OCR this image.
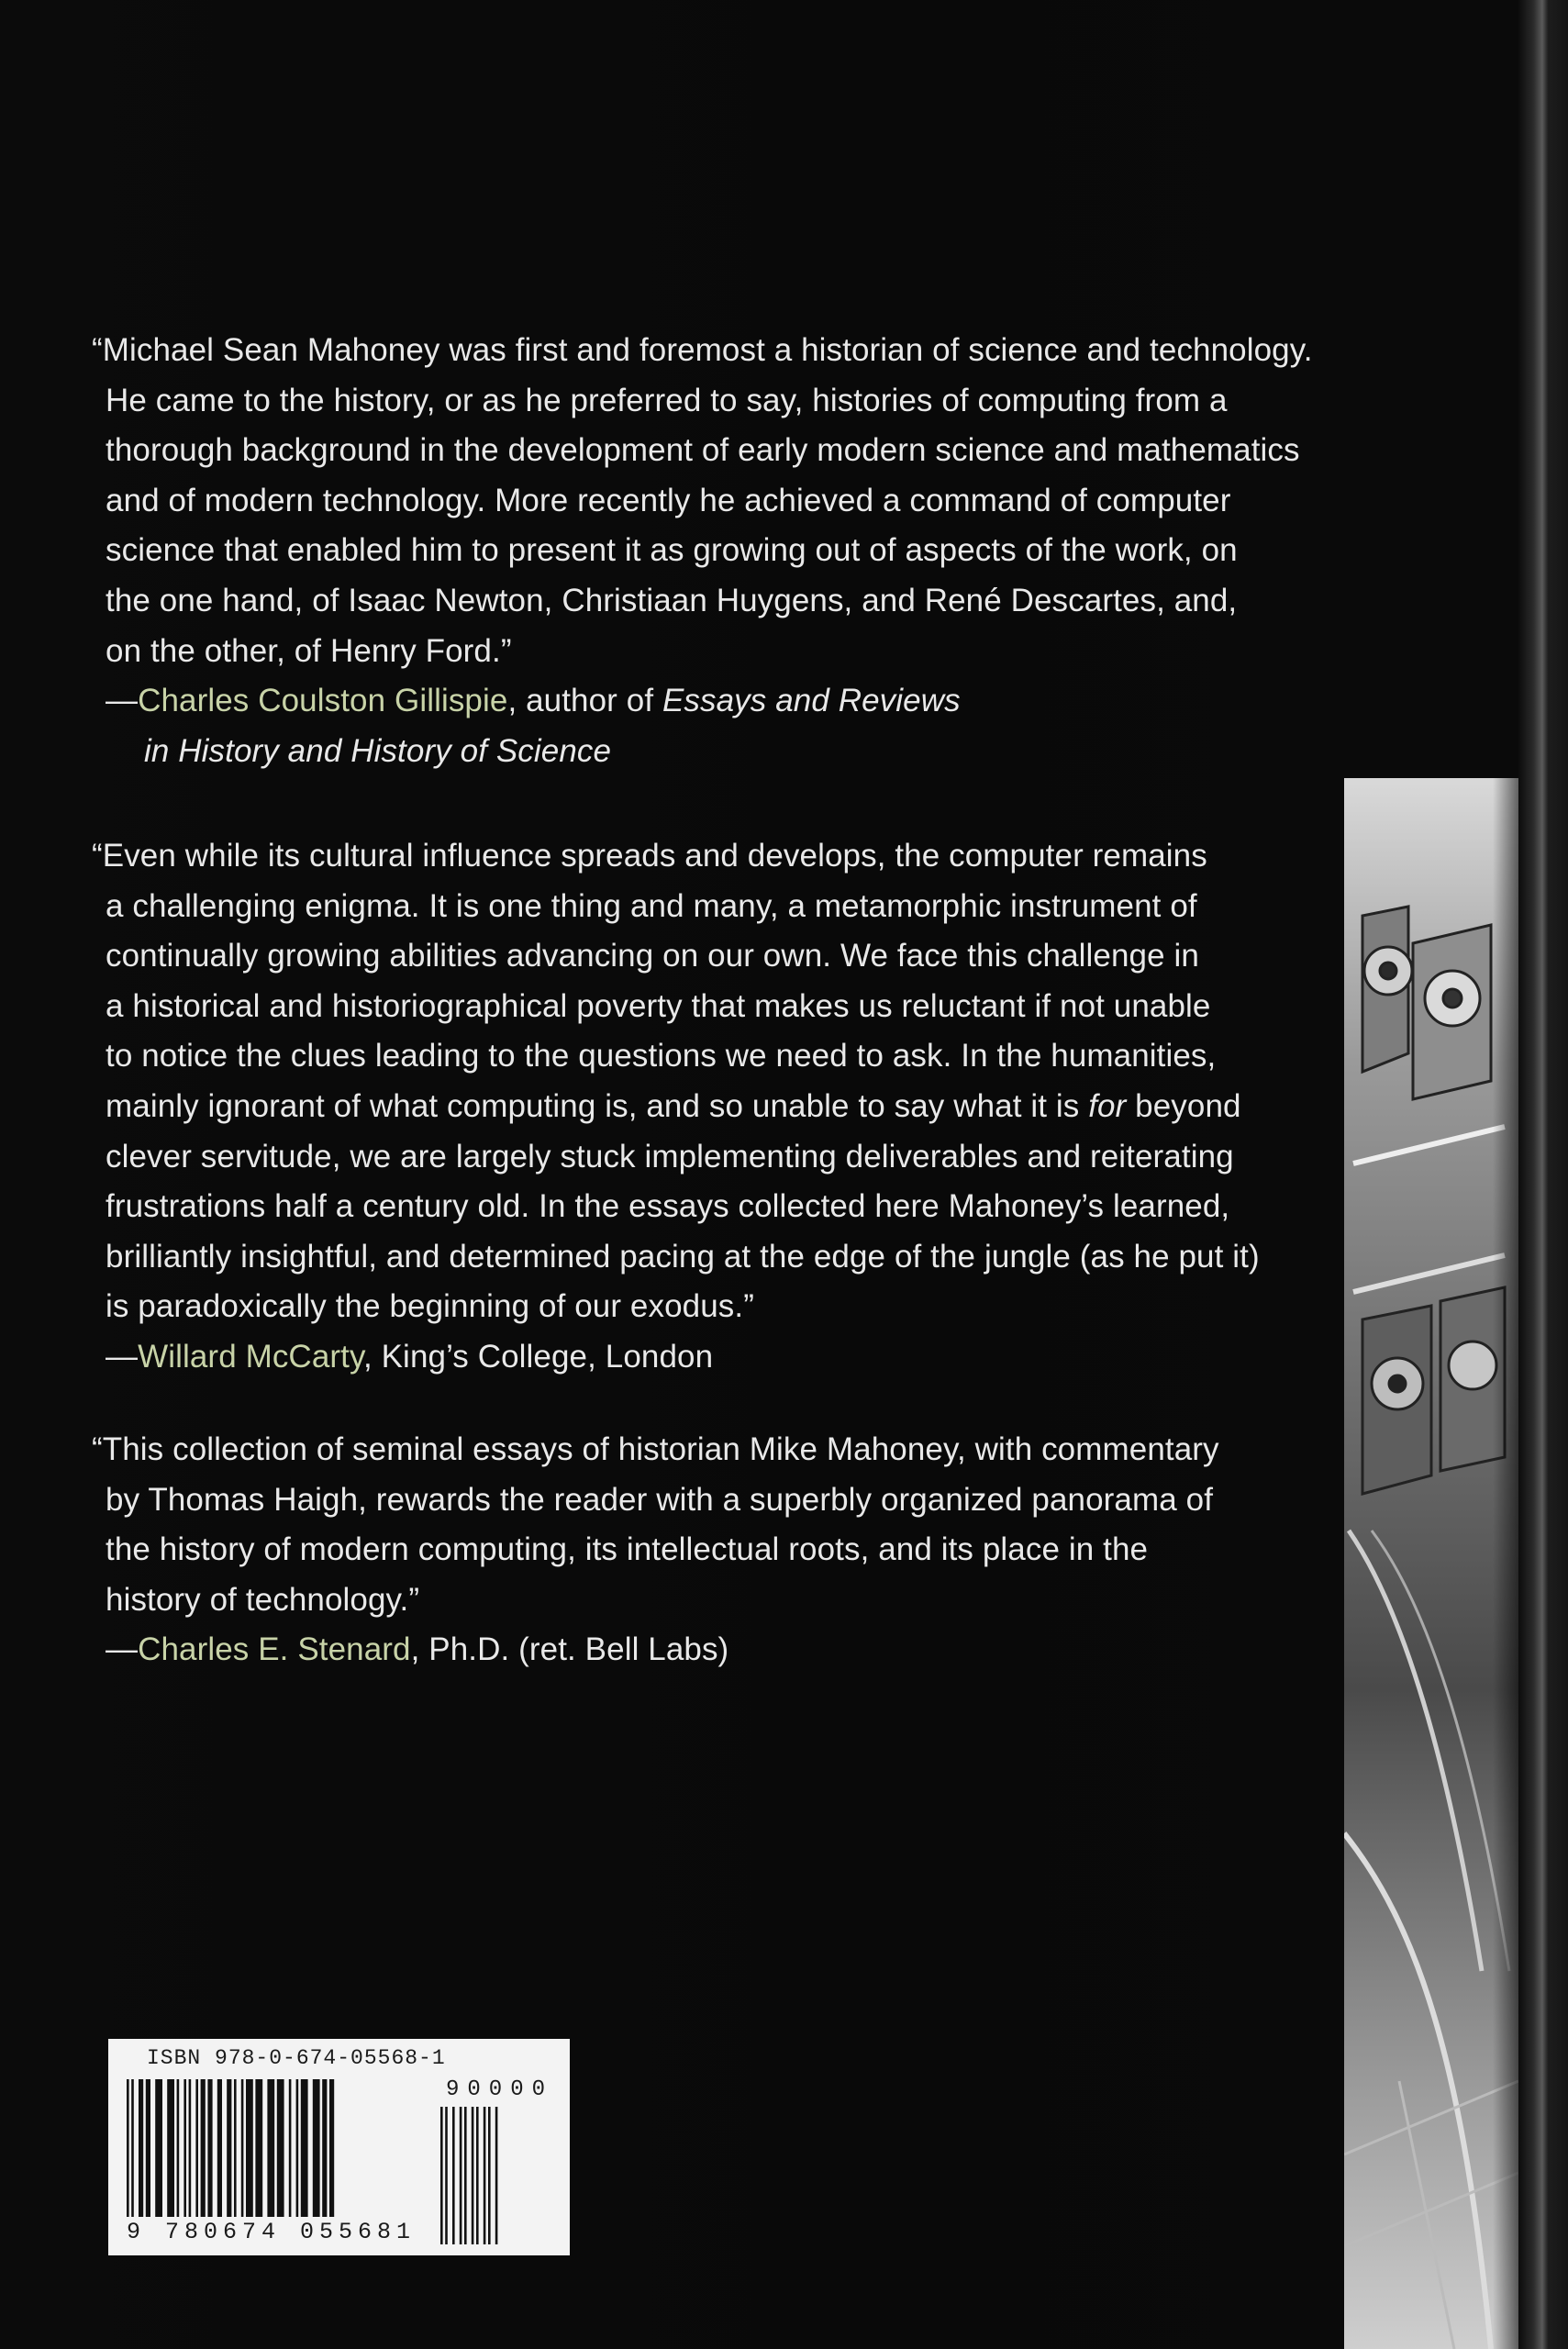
“Michael Sean Mahoney was first and foremost a historian of science and technology.
He came to the history, or as he preferred to say, histories of computing from a
thorough background in the development of early modern science and mathematics
and of modern technology. More recently he achieved a command of computer
science that enabled him to present it as growing out of aspects of the work, on
the one hand, of Isaac Newton, Christiaan Huygens, and René Descartes, and,
on the other, of Henry Ford.”

—Charles Coulston Gillispie, author of Essays and Reviews
in History and History of Science

“Even while its cultural influence spreads and develops, the computer remains
a challenging enigma. It is one thing and many, a metamorphic instrument of
continually growing abilities advancing on our own. We face this challenge in
a historical and historiographical poverty that makes us reluctant if not unable
to notice the clues leading to the questions we need to ask. In the humanities,
mainly ignorant of what computing is, and so unable to say what it is for beyond
clever servitude, we are largely stuck implementing deliverables and reiterating
frustrations half a century old. In the essays collected here Mahoney’s learned,
brilliantly insightful, and determined pacing at the edge of the jungle (as he put it)
is paradoxically the beginning of our exodus.”

—Willard McCarty, King’s College, London

“This collection of seminal essays of historian Mike Mahoney, with commentary
by Thomas Haigh, rewards the reader with a superbly organized panorama of
the history of modern computing, its intellectual roots, and its place in the
history of technology.”

—Charles E. Stenard, Ph.D. (ret. Bell Labs)

ISBN 978-0-674-05568-1
9 780674 055681
90000
